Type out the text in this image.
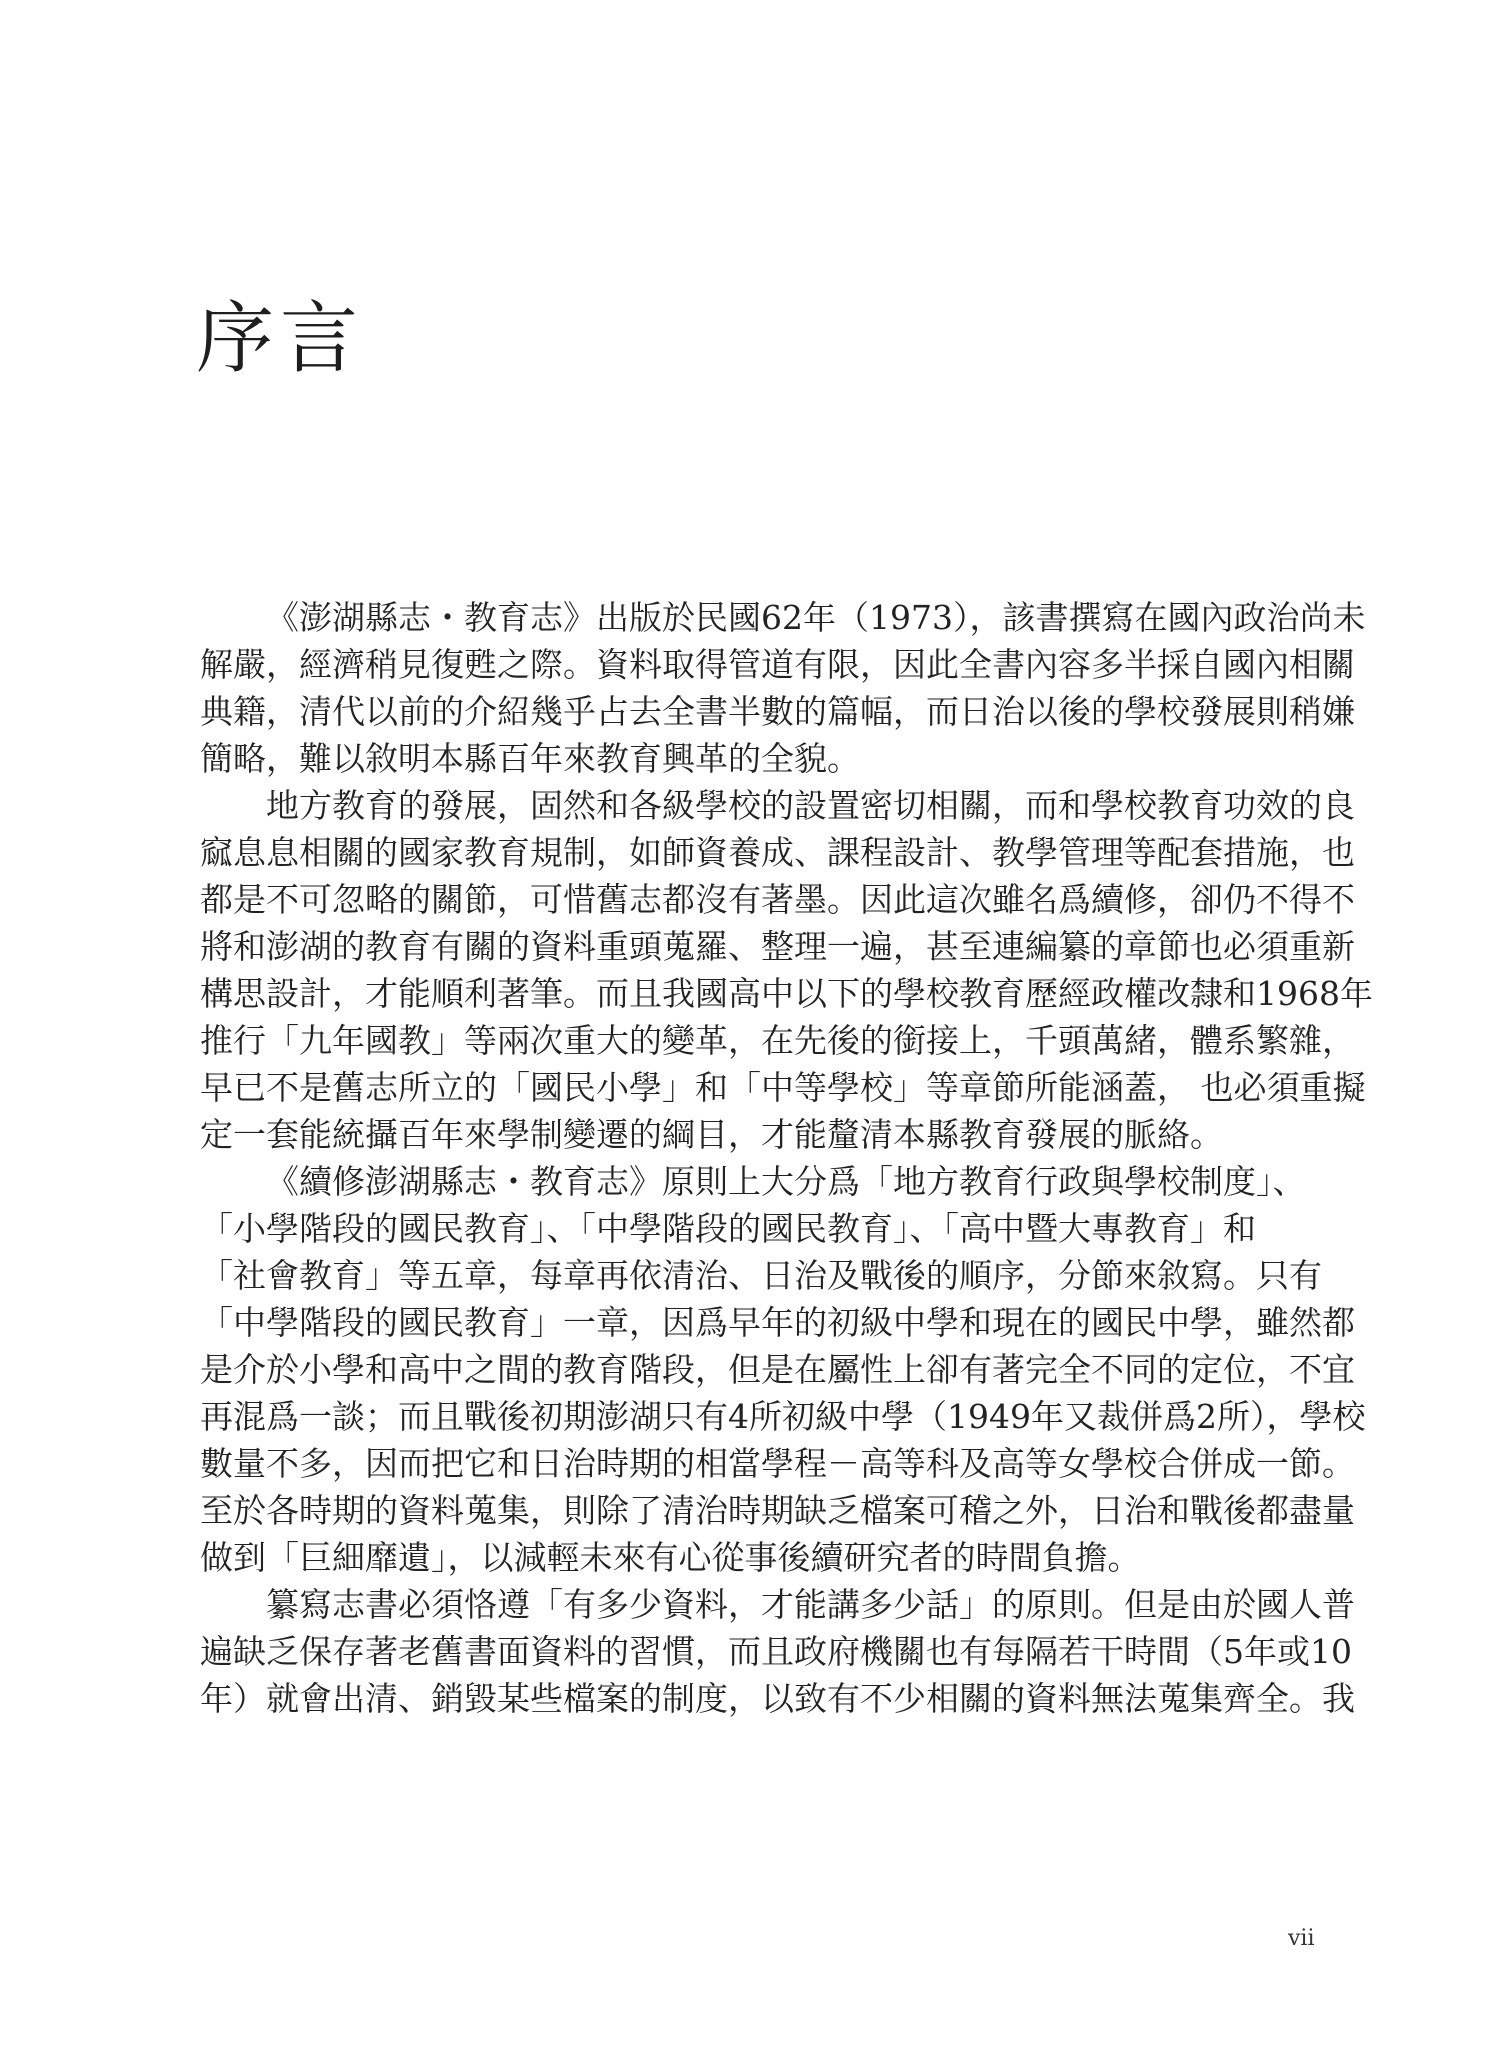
序言
《澎湖縣志・教育志》出版於民國62年（1973），該書撰寫在國內政治尚未
解嚴，經濟稍見復甦之際。資料取得管道有限，因此全書內容多半採自國內相關
典籍，清代以前的介紹幾乎占去全書半數的篇幅，而日治以後的學校發展則稍嫌
簡略，難以敘明本縣百年來教育興革的全貌。
地方教育的發展，固然和各級學校的設置密切相關，而和學校教育功效的良
窳息息相關的國家教育規制，如師資養成、課程設計、教學管理等配套措施，也
都是不可忽略的關節，可惜舊志都沒有著墨。因此這次雖名爲續修，卻仍不得不
將和澎湖的教育有關的資料重頭蒐羅、整理一遍，甚至連編纂的章節也必須重新
構思設計，才能順利著筆。而且我國高中以下的學校教育歷經政權改隸和1968年
推行「九年國教」等兩次重大的變革，在先後的銜接上，千頭萬緒，體系繁雜，
早已不是舊志所立的「國民小學」和「中等學校」等章節所能涵蓋， 也必須重擬
定一套能統攝百年來學制變遷的綱目，才能釐清本縣教育發展的脈絡。
《續修澎湖縣志・教育志》原則上大分爲「地方教育行政與學校制度」、
「小學階段的國民教育」、「中學階段的國民教育」、「高中暨大專教育」和
「社會教育」等五章，每章再依清治、日治及戰後的順序，分節來敘寫。只有
「中學階段的國民教育」一章，因爲早年的初級中學和現在的國民中學，雖然都
是介於小學和高中之間的教育階段，但是在屬性上卻有著完全不同的定位，不宜
再混爲一談；而且戰後初期澎湖只有4所初級中學（1949年又裁併爲2所），學校
數量不多，因而把它和日治時期的相當學程－高等科及高等女學校合併成一節。
至於各時期的資料蒐集，則除了清治時期缺乏檔案可稽之外，日治和戰後都盡量
做到「巨細靡遺」，以減輕未來有心從事後續研究者的時間負擔。
纂寫志書必須恪遵「有多少資料，才能講多少話」的原則。但是由於國人普
遍缺乏保存著老舊書面資料的習慣，而且政府機關也有每隔若干時間（5年或10
年）就會出清、銷毀某些檔案的制度，以致有不少相關的資料無法蒐集齊全。我
vii
